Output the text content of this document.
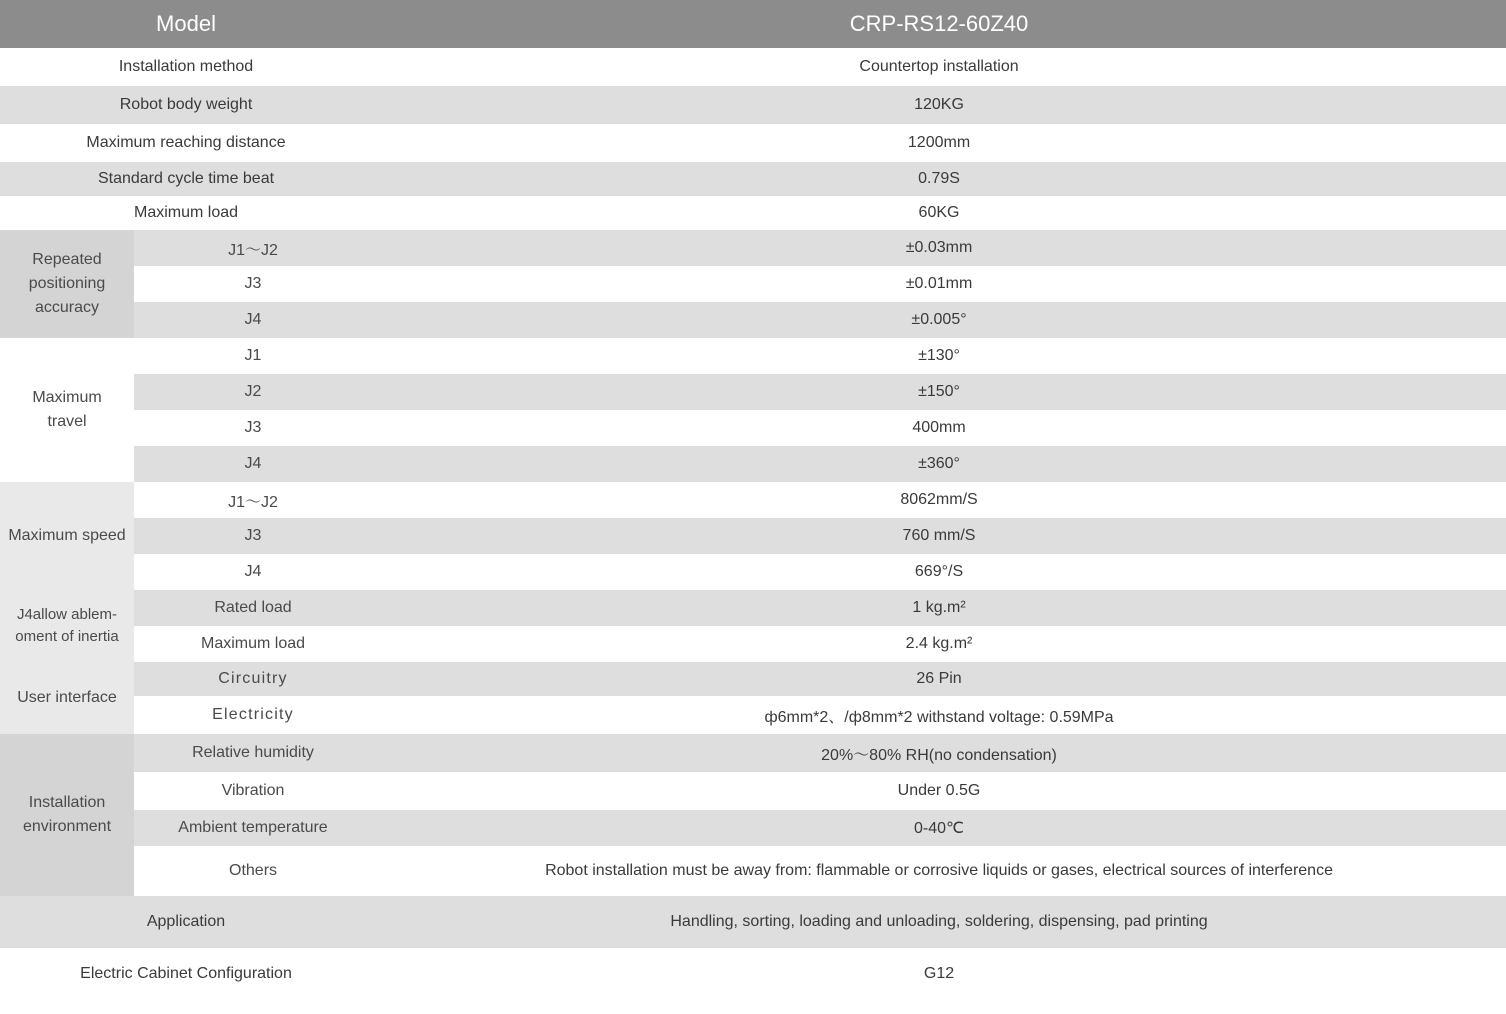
Model		CRP-RS12-60Z40
Installation method		Countertop installation
Robot body weight		120KG
Maximum reaching distance		1200mm
Standard cycle time beat		0.79S
Maximum load		60KG

Repeated
positioning
accuracy	J1～J2	±0.03mm
	J3	±0.01mm
	J4	±0.005°

Maximum
travel	J1	±130°
	J2	±150°
	J3	400mm
	J4	±360°

Maximum speed	J1～J2	8062mm/S
	J3	760 mm/S
	J4	669°/S

J4allow ablem-
oment of inertia	Rated load	1 kg.m²
	Maximum load	2.4 kg.m²

User interface	Circuitry	26 Pin
	Electricity	ф6mm*2、/ф8mm*2 withstand voltage: 0.59MPa

Installation
environment	Relative humidity	20%～80% RH(no condensation)
	Vibration	Under 0.5G
	Ambient temperature	0-40℃
	Others	Robot installation must be away from: flammable or corrosive liquids or gases, electrical sources of interference
Application		Handling, sorting, loading and unloading, soldering, dispensing, pad printing
Electric Cabinet Configuration		G12
